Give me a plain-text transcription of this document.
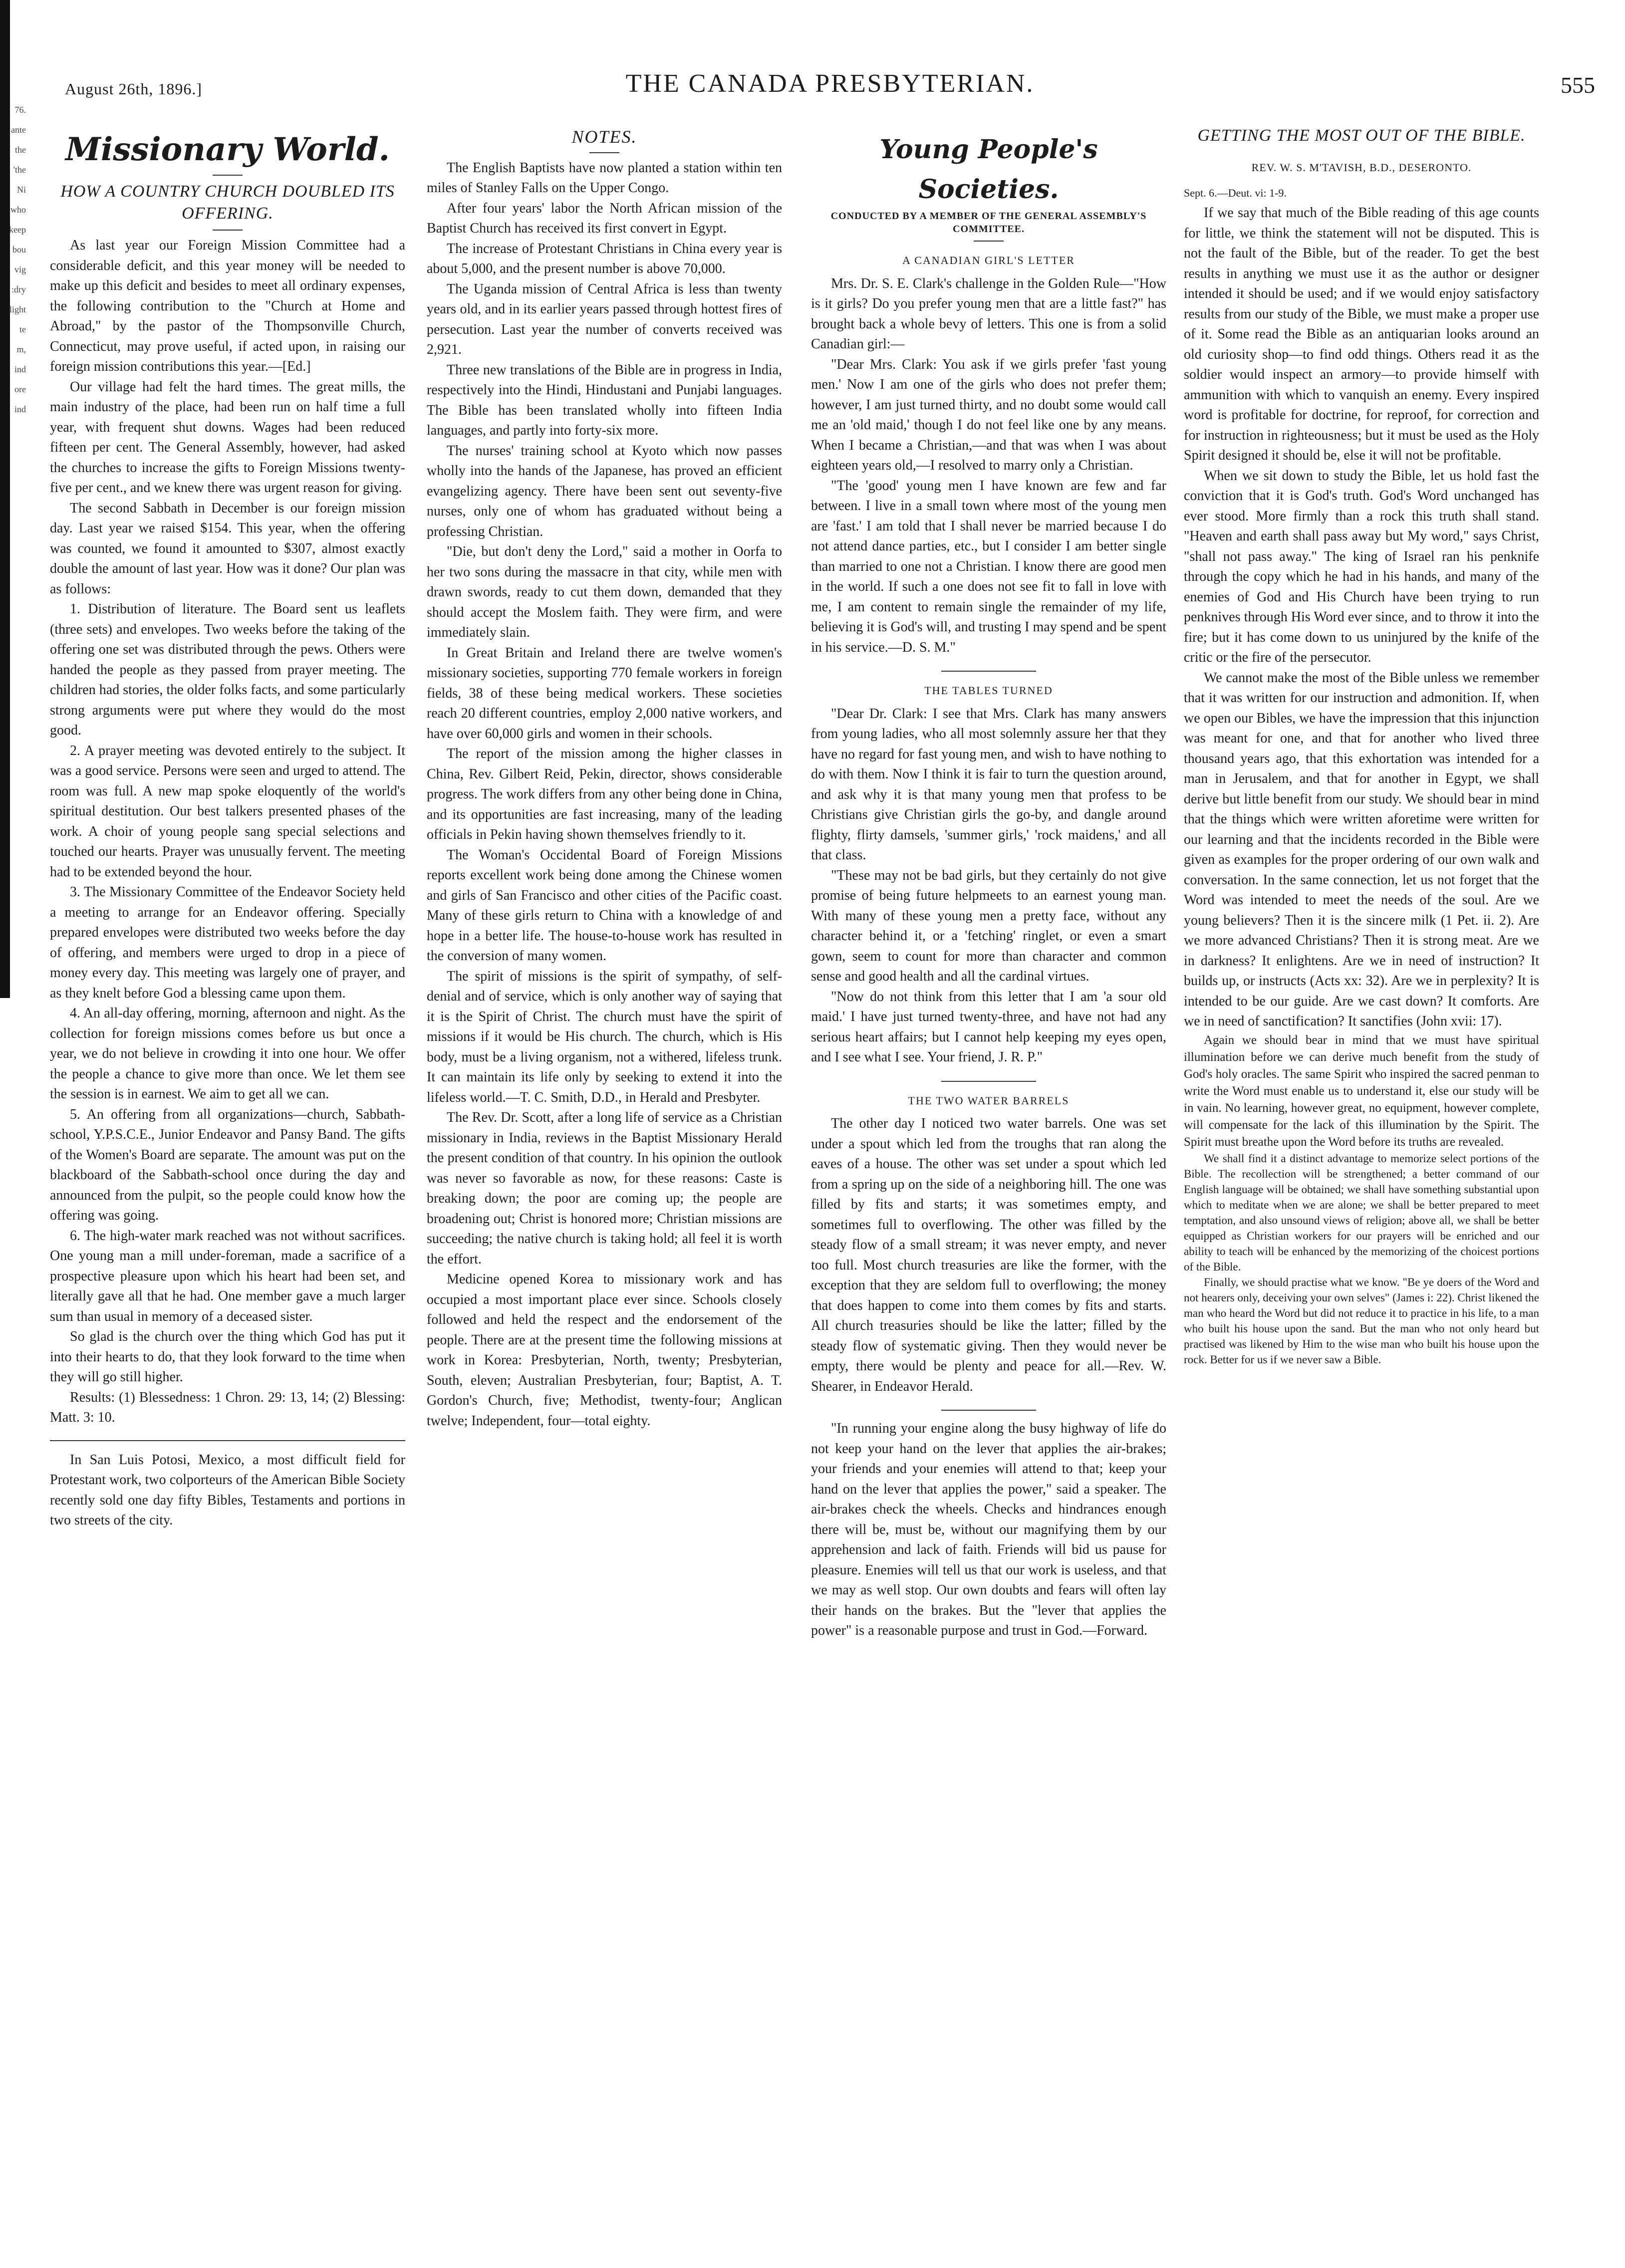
76.
ante
the
'the
Ni
who
keep
bou
vig
:dry
light
te
m,
ind
ore
ind
August 26th, 1896.]	THE CANADA PRESBYTERIAN.	555

Missionary World.

HOW A COUNTRY CHURCH DOUBLED ITS OFFERING.

As last year our Foreign Mission Committee had a considerable deficit, and this year money will be needed to make up this deficit and besides to meet all ordinary expenses, the following contribution to the "Church at Home and Abroad," by the pastor of the Thompsonville Church, Connecticut, may prove useful, if acted upon, in raising our foreign mission contributions this year.—[Ed.]

Our village had felt the hard times. The great mills, the main industry of the place, had been run on half time a full year, with frequent shut downs. Wages had been reduced fifteen per cent. The General Assembly, however, had asked the churches to increase the gifts to Foreign Missions twenty-five per cent., and we knew there was urgent reason for giving.

The second Sabbath in December is our foreign mission day. Last year we raised $154. This year, when the offering was counted, we found it amounted to $307, almost exactly double the amount of last year. How was it done? Our plan was as follows:

1. Distribution of literature. The Board sent us leaflets (three sets) and envelopes. Two weeks before the taking of the offering one set was distributed through the pews. Others were handed the people as they passed from prayer meeting. The children had stories, the older folks facts, and some particularly strong arguments were put where they would do the most good.

2. A prayer meeting was devoted entirely to the subject. It was a good service. Persons were seen and urged to attend. The room was full. A new map spoke eloquently of the world's spiritual destitution. Our best talkers presented phases of the work. A choir of young people sang special selections and touched our hearts. Prayer was unusually fervent. The meeting had to be extended beyond the hour.

3. The Missionary Committee of the Endeavor Society held a meeting to arrange for an Endeavor offering. Specially prepared envelopes were distributed two weeks before the day of offering, and members were urged to drop in a piece of money every day. This meeting was largely one of prayer, and as they knelt before God a blessing came upon them.

4. An all-day offering, morning, afternoon and night. As the collection for foreign missions comes before us but once a year, we do not believe in crowding it into one hour. We offer the people a chance to give more than once. We let them see the session is in earnest. We aim to get all we can.

5. An offering from all organizations—church, Sabbath-school, Y.P.S.C.E., Junior Endeavor and Pansy Band. The gifts of the Women's Board are separate. The amount was put on the blackboard of the Sabbath-school once during the day and announced from the pulpit, so the people could know how the offering was going.

6. The high-water mark reached was not without sacrifices. One young man a mill under-foreman, made a sacrifice of a prospective pleasure upon which his heart had been set, and literally gave all that he had. One member gave a much larger sum than usual in memory of a deceased sister.

So glad is the church over the thing which God has put it into their hearts to do, that they look forward to the time when they will go still higher.

Results: (1) Blessedness: 1 Chron. 29: 13, 14; (2) Blessing: Matt. 3: 10.

In San Luis Potosi, Mexico, a most difficult field for Protestant work, two colporteurs of the American Bible Society recently sold one day fifty Bibles, Testaments and portions in two streets of the city.

NOTES.

The English Baptists have now planted a station within ten miles of Stanley Falls on the Upper Congo.

After four years' labor the North African mission of the Baptist Church has received its first convert in Egypt.

The increase of Protestant Christians in China every year is about 5,000, and the present number is above 70,000.

The Uganda mission of Central Africa is less than twenty years old, and in its earlier years passed through hottest fires of persecution. Last year the number of converts received was 2,921.

Three new translations of the Bible are in progress in India, respectively into the Hindi, Hindustani and Punjabi languages. The Bible has been translated wholly into fifteen India languages, and partly into forty-six more.

The nurses' training school at Kyoto which now passes wholly into the hands of the Japanese, has proved an efficient evangelizing agency. There have been sent out seventy-five nurses, only one of whom has graduated without being a professing Christian.

"Die, but don't deny the Lord," said a mother in Oorfa to her two sons during the massacre in that city, while men with drawn swords, ready to cut them down, demanded that they should accept the Moslem faith. They were firm, and were immediately slain.

In Great Britain and Ireland there are twelve women's missionary societies, supporting 770 female workers in foreign fields, 38 of these being medical workers. These societies reach 20 different countries, employ 2,000 native workers, and have over 60,000 girls and women in their schools.

The report of the mission among the higher classes in China, Rev. Gilbert Reid, Pekin, director, shows considerable progress. The work differs from any other being done in China, and its opportunities are fast increasing, many of the leading officials in Pekin having shown themselves friendly to it.

The Woman's Occidental Board of Foreign Missions reports excellent work being done among the Chinese women and girls of San Francisco and other cities of the Pacific coast. Many of these girls return to China with a knowledge of and hope in a better life. The house-to-house work has resulted in the conversion of many women.

The spirit of missions is the spirit of sympathy, of self-denial and of service, which is only another way of saying that it is the Spirit of Christ. The church must have the spirit of missions if it would be His church. The church, which is His body, must be a living organism, not a withered, lifeless trunk. It can maintain its life only by seeking to extend it into the lifeless world.—T. C. Smith, D.D., in Herald and Presbyter.

The Rev. Dr. Scott, after a long life of service as a Christian missionary in India, reviews in the Baptist Missionary Herald the present condition of that country. In his opinion the outlook was never so favorable as now, for these reasons: Caste is breaking down; the poor are coming up; the people are broadening out; Christ is honored more; Christian missions are succeeding; the native church is taking hold; all feel it is worth the effort.

Medicine opened Korea to missionary work and has occupied a most important place ever since. Schools closely followed and held the respect and the endorsement of the people. There are at the present time the following missions at work in Korea: Presbyterian, North, twenty; Presbyterian, South, eleven; Australian Presbyterian, four; Baptist, A. T. Gordon's Church, five; Methodist, twenty-four; Anglican twelve; Independent, four—total eighty.

Young People's Societies.

CONDUCTED BY A MEMBER OF THE GENERAL ASSEMBLY'S COMMITTEE.

A CANADIAN GIRL'S LETTER

Mrs. Dr. S. E. Clark's challenge in the Golden Rule—"How is it girls? Do you prefer young men that are a little fast?" has brought back a whole bevy of letters. This one is from a solid Canadian girl:—

"Dear Mrs. Clark: You ask if we girls prefer 'fast young men.' Now I am one of the girls who does not prefer them; however, I am just turned thirty, and no doubt some would call me an 'old maid,' though I do not feel like one by any means. When I became a Christian,—and that was when I was about eighteen years old,—I resolved to marry only a Christian.

"The 'good' young men I have known are few and far between. I live in a small town where most of the young men are 'fast.' I am told that I shall never be married because I do not attend dance parties, etc., but I consider I am better single than married to one not a Christian. I know there are good men in the world. If such a one does not see fit to fall in love with me, I am content to remain single the remainder of my life, believing it is God's will, and trusting I may spend and be spent in his service.—D. S. M."

THE TABLES TURNED

"Dear Dr. Clark: I see that Mrs. Clark has many answers from young ladies, who all most solemnly assure her that they have no regard for fast young men, and wish to have nothing to do with them. Now I think it is fair to turn the question around, and ask why it is that many young men that profess to be Christians give Christian girls the go-by, and dangle around flighty, flirty damsels, 'summer girls,' 'rock maidens,' and all that class.

"These may not be bad girls, but they certainly do not give promise of being future helpmeets to an earnest young man. With many of these young men a pretty face, without any character behind it, or a 'fetching' ringlet, or even a smart gown, seem to count for more than character and common sense and good health and all the cardinal virtues.

"Now do not think from this letter that I am 'a sour old maid.' I have just turned twenty-three, and have not had any serious heart affairs; but I cannot help keeping my eyes open, and I see what I see. Your friend, J. R. P."

THE TWO WATER BARRELS

The other day I noticed two water barrels. One was set under a spout which led from the troughs that ran along the eaves of a house. The other was set under a spout which led from a spring up on the side of a neighboring hill. The one was filled by fits and starts; it was sometimes empty, and sometimes full to overflowing. The other was filled by the steady flow of a small stream; it was never empty, and never too full. Most church treasuries are like the former, with the exception that they are seldom full to overflowing; the money that does happen to come into them comes by fits and starts. All church treasuries should be like the latter; filled by the steady flow of systematic giving. Then they would never be empty, there would be plenty and peace for all.—Rev. W. Shearer, in Endeavor Herald.

"In running your engine along the busy highway of life do not keep your hand on the lever that applies the air-brakes; your friends and your enemies will attend to that; keep your hand on the lever that applies the power," said a speaker. The air-brakes check the wheels. Checks and hindrances enough there will be, must be, without our magnifying them by our apprehension and lack of faith. Friends will bid us pause for pleasure. Enemies will tell us that our work is useless, and that we may as well stop. Our own doubts and fears will often lay their hands on the brakes. But the "lever that applies the power" is a reasonable purpose and trust in God.—Forward.

GETTING THE MOST OUT OF THE BIBLE.

REV. W. S. M'TAVISH, B.D., DESERONTO.

Sept. 6.—Deut. vi: 1-9.

If we say that much of the Bible reading of this age counts for little, we think the statement will not be disputed. This is not the fault of the Bible, but of the reader. To get the best results in anything we must use it as the author or designer intended it should be used; and if we would enjoy satisfactory results from our study of the Bible, we must make a proper use of it. Some read the Bible as an antiquarian looks around an old curiosity shop—to find odd things. Others read it as the soldier would inspect an armory—to provide himself with ammunition with which to vanquish an enemy. Every inspired word is profitable for doctrine, for reproof, for correction and for instruction in righteousness; but it must be used as the Holy Spirit designed it should be, else it will not be profitable.

When we sit down to study the Bible, let us hold fast the conviction that it is God's truth. God's Word unchanged has ever stood. More firmly than a rock this truth shall stand. "Heaven and earth shall pass away but My word," says Christ, "shall not pass away." The king of Israel ran his penknife through the copy which he had in his hands, and many of the enemies of God and His Church have been trying to run penknives through His Word ever since, and to throw it into the fire; but it has come down to us uninjured by the knife of the critic or the fire of the persecutor.

We cannot make the most of the Bible unless we remember that it was written for our instruction and admonition. If, when we open our Bibles, we have the impression that this injunction was meant for one, and that for another who lived three thousand years ago, that this exhortation was intended for a man in Jerusalem, and that for another in Egypt, we shall derive but little benefit from our study. We should bear in mind that the things which were written aforetime were written for our learning and that the incidents recorded in the Bible were given as examples for the proper ordering of our own walk and conversation. In the same connection, let us not forget that the Word was intended to meet the needs of the soul. Are we young believers? Then it is the sincere milk (1 Pet. ii. 2). Are we more advanced Christians? Then it is strong meat. Are we in darkness? It enlightens. Are we in need of instruction? It builds up, or instructs (Acts xx: 32). Are we in perplexity? It is intended to be our guide. Are we cast down? It comforts. Are we in need of sanctification? It sanctifies (John xvii: 17).

Again we should bear in mind that we must have spiritual illumination before we can derive much benefit from the study of God's holy oracles. The same Spirit who inspired the sacred penman to write the Word must enable us to understand it, else our study will be in vain. No learning, however great, no equipment, however complete, will compensate for the lack of this illumination by the Spirit. The Spirit must breathe upon the Word before its truths are revealed.

We shall find it a distinct advantage to memorize select portions of the Bible. The recollection will be strengthened; a better command of our English language will be obtained; we shall have something substantial upon which to meditate when we are alone; we shall be better prepared to meet temptation, and also unsound views of religion; above all, we shall be better equipped as Christian workers for our prayers will be enriched and our ability to teach will be enhanced by the memorizing of the choicest portions of the Bible.

Finally, we should practise what we know. "Be ye doers of the Word and not hearers only, deceiving your own selves" (James i: 22). Christ likened the man who heard the Word but did not reduce it to practice in his life, to a man who built his house upon the sand. But the man who not only heard but practised was likened by Him to the wise man who built his house upon the rock. Better for us if we never saw a Bible.
